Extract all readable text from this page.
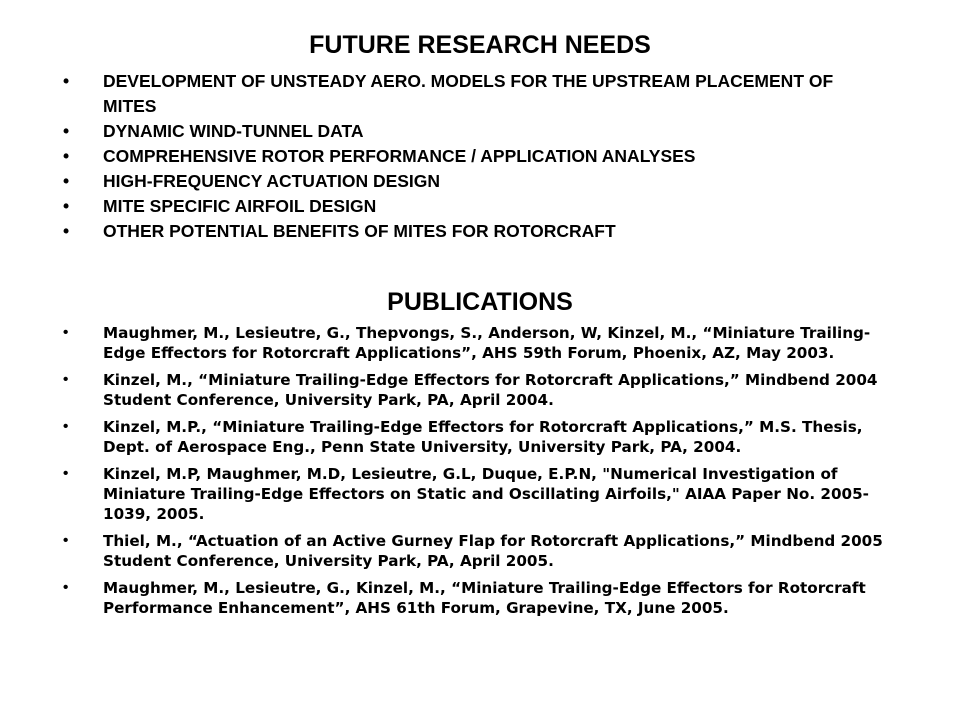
FUTURE RESEARCH NEEDS
• DEVELOPMENT OF UNSTEADY AERO. MODELS FOR THE UPSTREAM PLACEMENT OF MITES
• DYNAMIC WIND-TUNNEL DATA
• COMPREHENSIVE ROTOR PERFORMANCE / APPLICATION ANALYSES
• HIGH-FREQUENCY ACTUATION DESIGN
• MITE SPECIFIC AIRFOIL DESIGN
• OTHER POTENTIAL BENEFITS OF MITES FOR ROTORCRAFT
PUBLICATIONS
• Maughmer, M., Lesieutre, G., Thepvongs, S., Anderson, W, Kinzel, M., “Miniature Trailing-Edge Effectors for Rotorcraft Applications”, AHS 59th Forum, Phoenix, AZ, May 2003.
• Kinzel, M., “Miniature Trailing-Edge Effectors for Rotorcraft Applications,” Mindbend 2004 Student Conference, University Park, PA, April 2004.
• Kinzel, M.P., “Miniature Trailing-Edge Effectors for Rotorcraft Applications,” M.S. Thesis, Dept. of Aerospace Eng., Penn State University, University Park, PA, 2004.
• Kinzel, M.P, Maughmer, M.D, Lesieutre, G.L, Duque, E.P.N, "Numerical Investigation of Miniature Trailing-Edge Effectors on Static and Oscillating Airfoils," AIAA Paper No. 2005-1039, 2005.
• Thiel, M., “Actuation of an Active Gurney Flap for Rotorcraft Applications,” Mindbend 2005 Student Conference, University Park, PA, April 2005.
• Maughmer, M., Lesieutre, G., Kinzel, M., “Miniature Trailing-Edge Effectors for Rotorcraft Performance Enhancement”, AHS 61th Forum, Grapevine, TX, June 2005.
